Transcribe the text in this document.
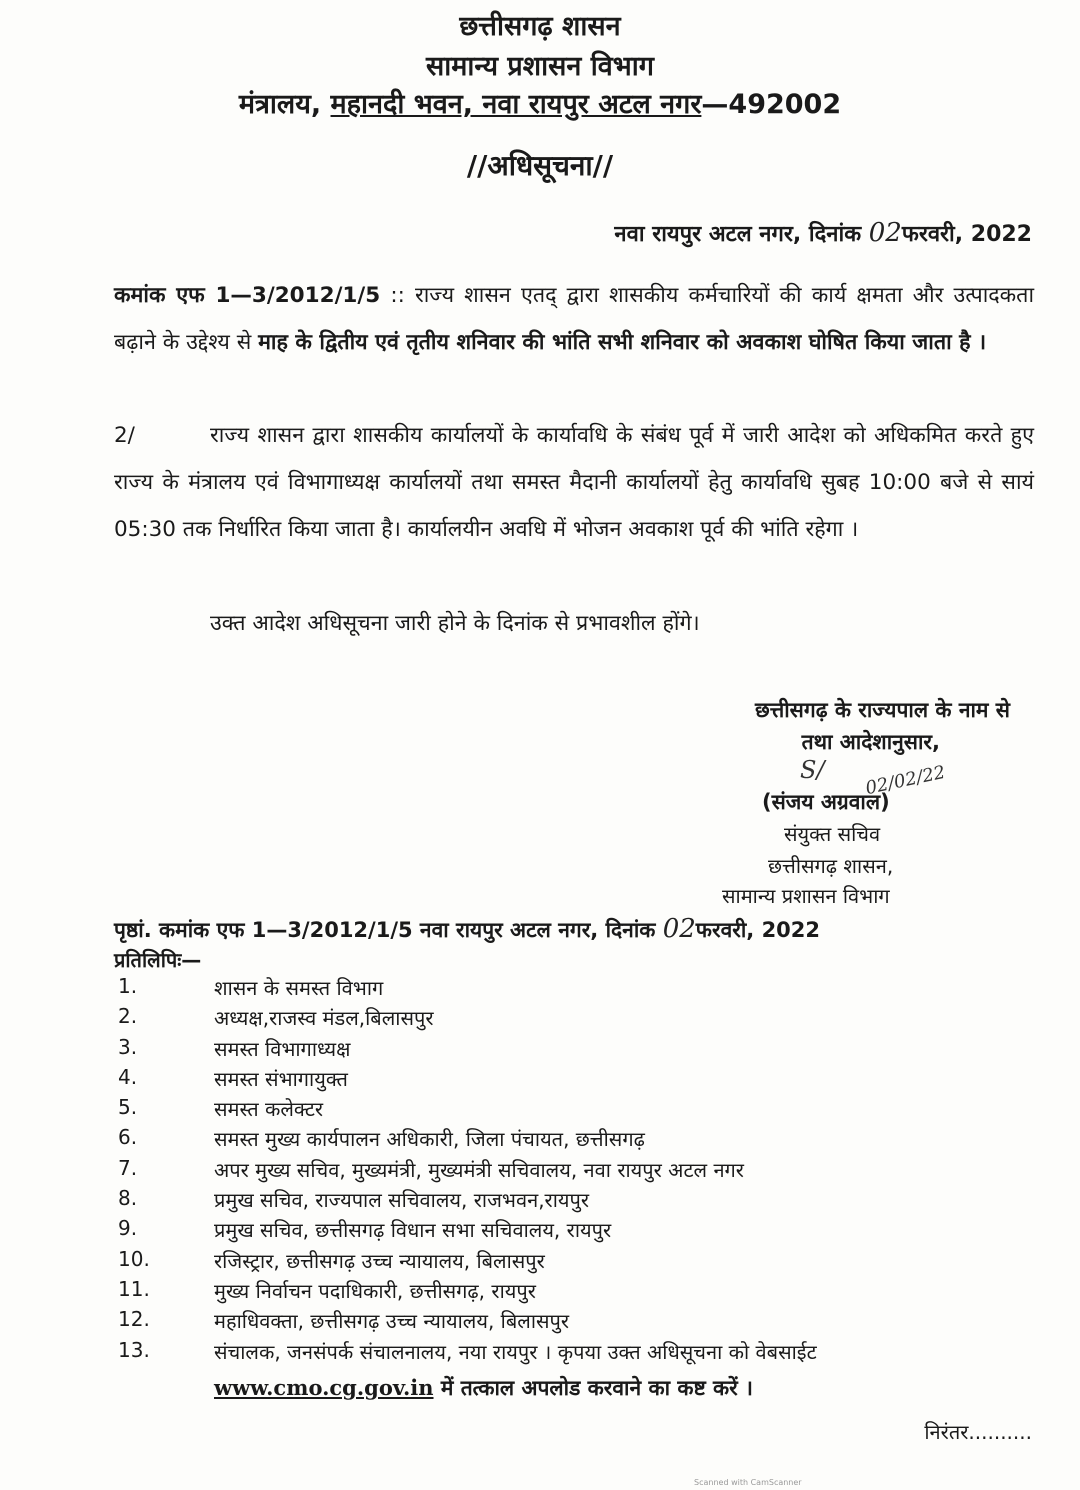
छत्तीसगढ़ शासन
सामान्य प्रशासन विभाग
मंत्रालय, महानदी भवन, नवा रायपुर अटल नगर—492002
//अधिसूचना//
नवा रायपुर अटल नगर, दिनांक 02फरवरी, 2022
कमांक एफ 1—3/2012/1/5 :: राज्य शासन एतद् द्वारा शासकीय कर्मचारियों की कार्य क्षमता और उत्पादकता बढ़ाने के उद्देश्य से माह के द्वितीय एवं तृतीय शनिवार की भांति सभी शनिवार को अवकाश घोषित किया जाता है ।
2/	राज्य शासन द्वारा शासकीय कार्यालयों के कार्यावधि के संबंध पूर्व में जारी आदेश को अधिकमित करते हुए राज्य के मंत्रालय एवं विभागाध्यक्ष कार्यालयों तथा समस्त मैदानी कार्यालयों हेतु कार्यावधि सुबह 10:00 बजे से सायं 05:30 तक निर्धारित किया जाता है। कार्यालयीन अवधि में भोजन अवकाश पूर्व की भांति रहेगा ।
उक्त आदेश अधिसूचना जारी होने के दिनांक से प्रभावशील होंगे।
छत्तीसगढ़ के राज्यपाल के नाम से
तथा आदेशानुसार,
S/ 02/02/22
(संजय अग्रवाल)
संयुक्त सचिव
छत्तीसगढ़ शासन,
सामान्य प्रशासन विभाग
पृष्ठां. कमांक एफ 1—3/2012/1/5 नवा रायपुर अटल नगर, दिनांक 02फरवरी, 2022
प्रतिलिपिः—
1.	शासन के समस्त विभाग
2.	अध्यक्ष,राजस्व मंडल,बिलासपुर
3.	समस्त विभागाध्यक्ष
4.	समस्त संभागायुक्त
5.	समस्त कलेक्टर
6.	समस्त मुख्य कार्यपालन अधिकारी, जिला पंचायत, छत्तीसगढ़
7.	अपर मुख्य सचिव, मुख्यमंत्री, मुख्यमंत्री सचिवालय, नवा रायपुर अटल नगर
8.	प्रमुख सचिव, राज्यपाल सचिवालय, राजभवन,रायपुर
9.	प्रमुख सचिव, छत्तीसगढ़ विधान सभा सचिवालय, रायपुर
10.	रजिस्ट्रार, छत्तीसगढ़ उच्च न्यायालय, बिलासपुर
11.	मुख्य निर्वाचन पदाधिकारी, छत्तीसगढ़, रायपुर
12.	महाधिवक्ता, छत्तीसगढ़ उच्च न्यायालय, बिलासपुर
13.	संचालक, जनसंपर्क संचालनालय, नया रायपुर । कृपया उक्त अधिसूचना को वेबसाईट
www.cmo.cg.gov.in में तत्काल अपलोड करवाने का कष्ट करें ।
निरंतर..........
Scanned with CamScanner
